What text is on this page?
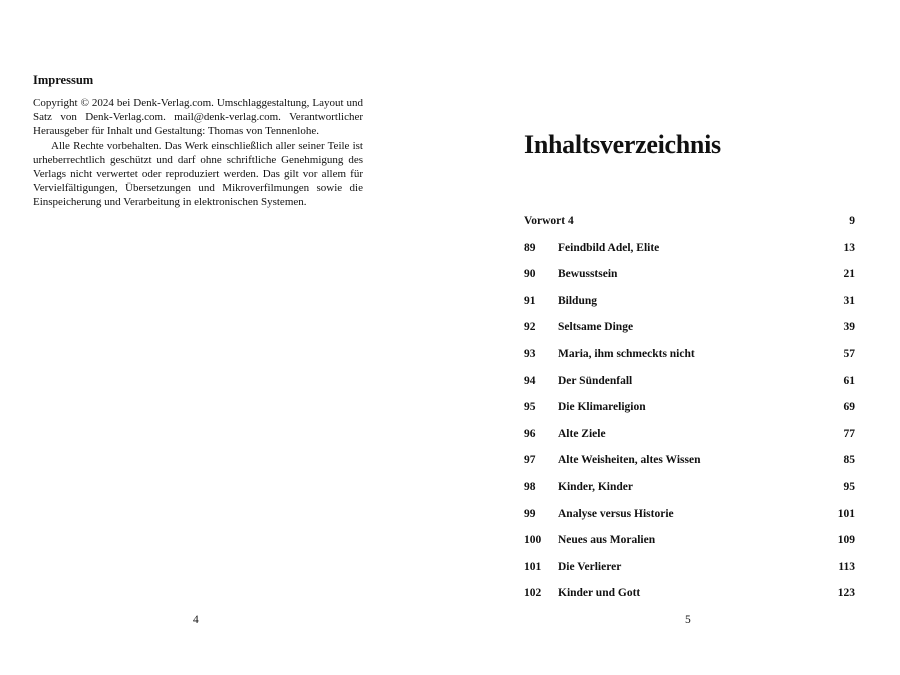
Impressum

Copyright © 2024 bei Denk-Verlag.com. Umschlaggestaltung, Layout und Satz von Denk-Verlag.com. mail@denk-verlag.com. Verantwortlicher Herausgeber für Inhalt und Gestaltung: Thomas von Tennenlohe.

Alle Rechte vorbehalten. Das Werk einschließlich aller seiner Teile ist urheberrechtlich geschützt und darf ohne schriftliche Genehmigung des Verlags nicht verwertet oder reproduziert werden. Das gilt vor allem für Vervielfältigungen, Übersetzungen und Mikroverfilmungen sowie die Einspeicherung und Verarbeitung in elektronischen Systemen.

4
Inhaltsverzeichnis
Vorwort 4	9
89 Feindbild Adel, Elite	13
90 Bewusstsein	21
91 Bildung	31
92 Seltsame Dinge	39
93 Maria, ihm schmeckts nicht	57
94 Der Sündenfall	61
95 Die Klimareligion	69
96 Alte Ziele	77
97 Alte Weisheiten, altes Wissen	85
98 Kinder, Kinder	95
99 Analyse versus Historie	101
100 Neues aus Moralien	109
101 Die Verlierer	113
102 Kinder und Gott	123
5
